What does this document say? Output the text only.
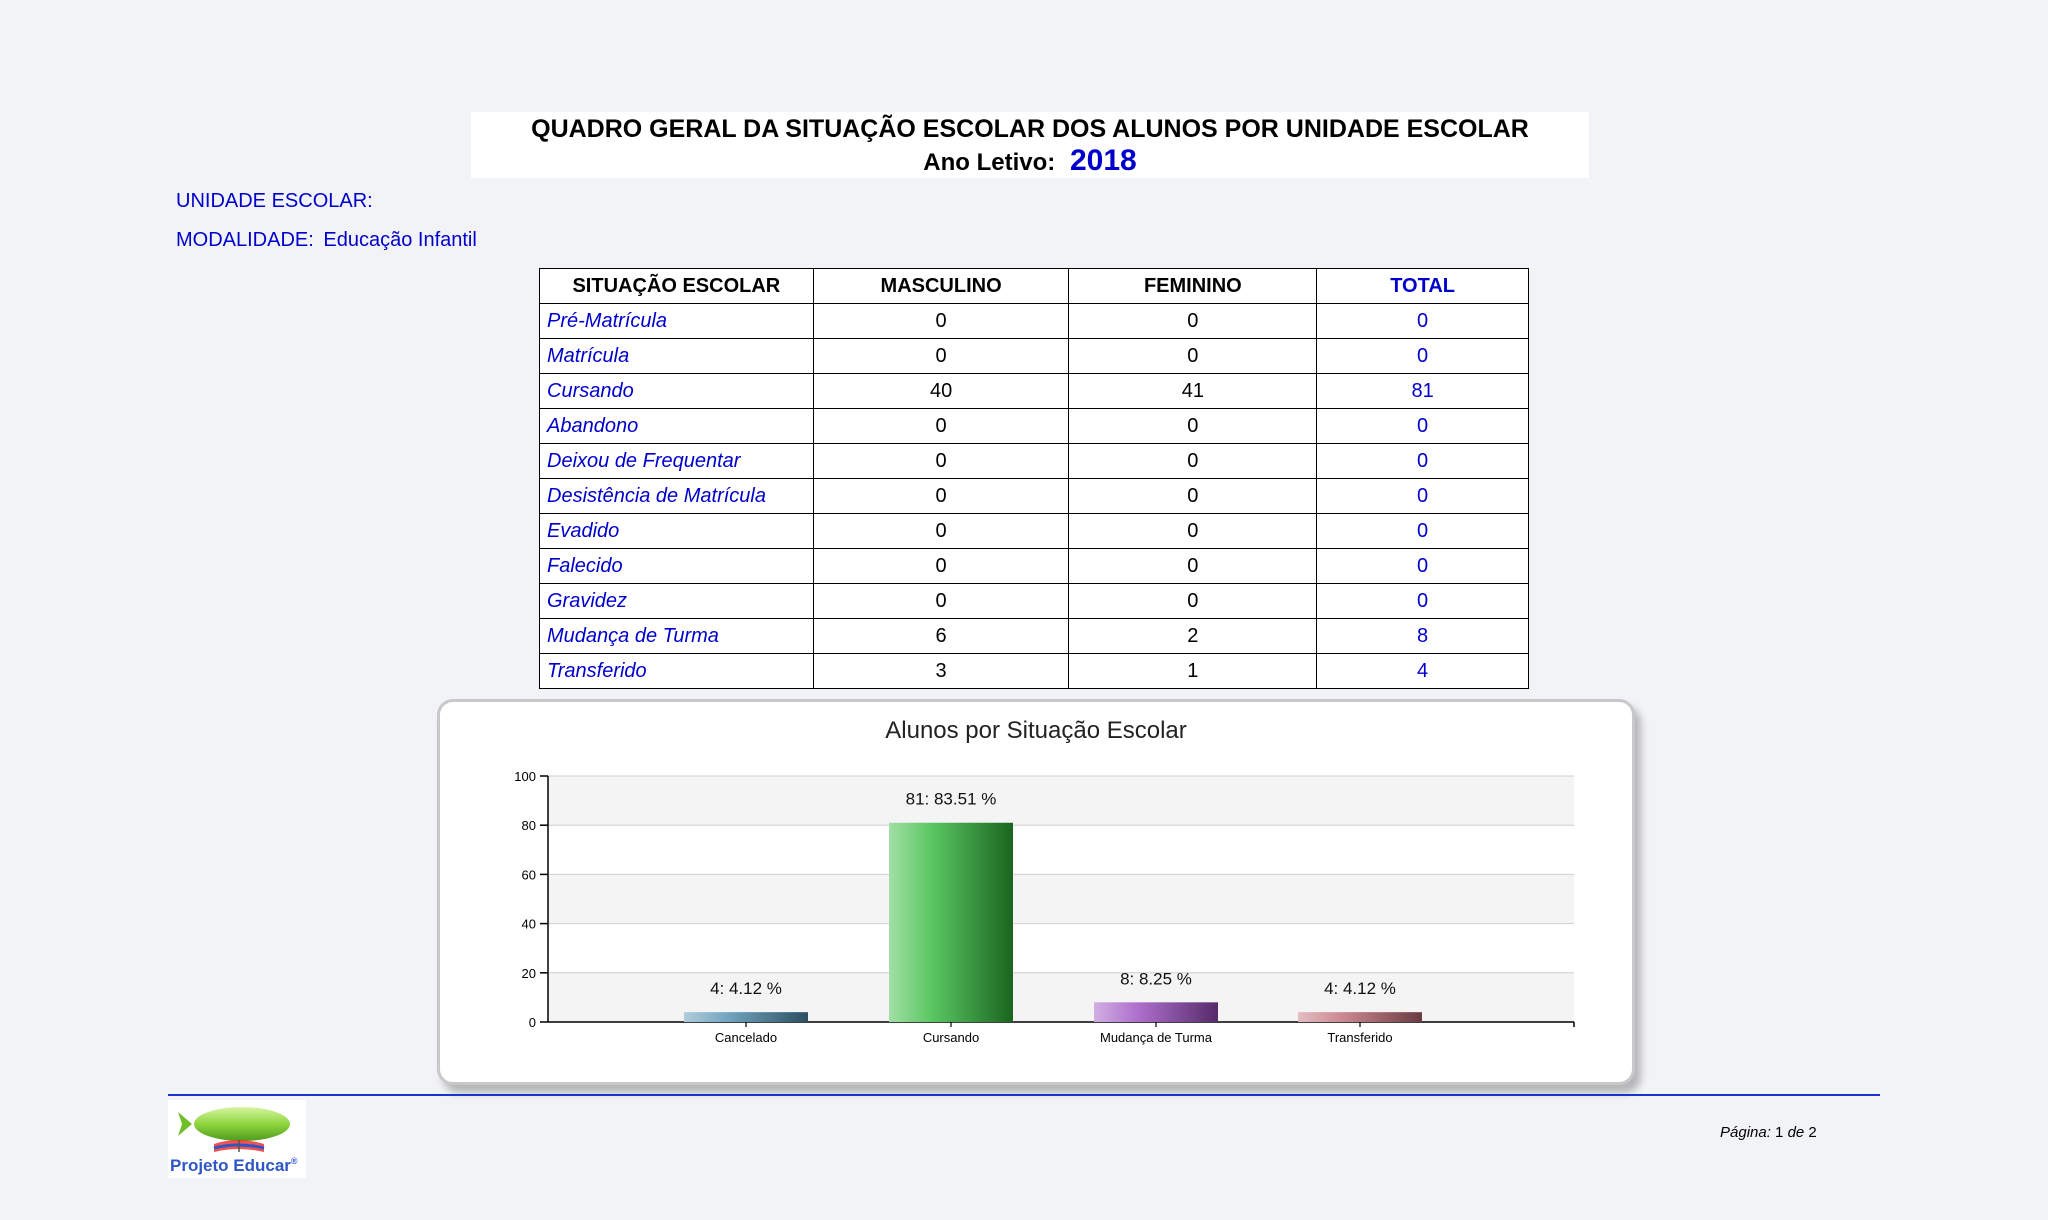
QUADRO GERAL DA SITUAÇÃO ESCOLAR DOS ALUNOS POR UNIDADE ESCOLAR
Ano Letivo: 2018
UNIDADE ESCOLAR:
MODALIDADE: Educação Infantil
SITUAÇÃO ESCOLAR	MASCULINO	FEMININO	TOTAL
Pré-Matrícula	0	0	0
Matrícula	0	0	0
Cursando	40	41	81
Abandono	0	0	0
Deixou de Frequentar	0	0	0
Desistência de Matrícula	0	0	0
Evadido	0	0	0
Falecido	0	0	0
Gravidez	0	0	0
Mudança de Turma	6	2	8
Transferido	3	1	4
Alunos por Situação Escolar
0
20
40
60
80
100
4: 4.12 %
Cancelado
81: 83.51 %
Cursando
8: 8.25 %
Mudança de Turma
4: 4.12 %
Transferido
Projeto Educar®
Página: 1 de 2
